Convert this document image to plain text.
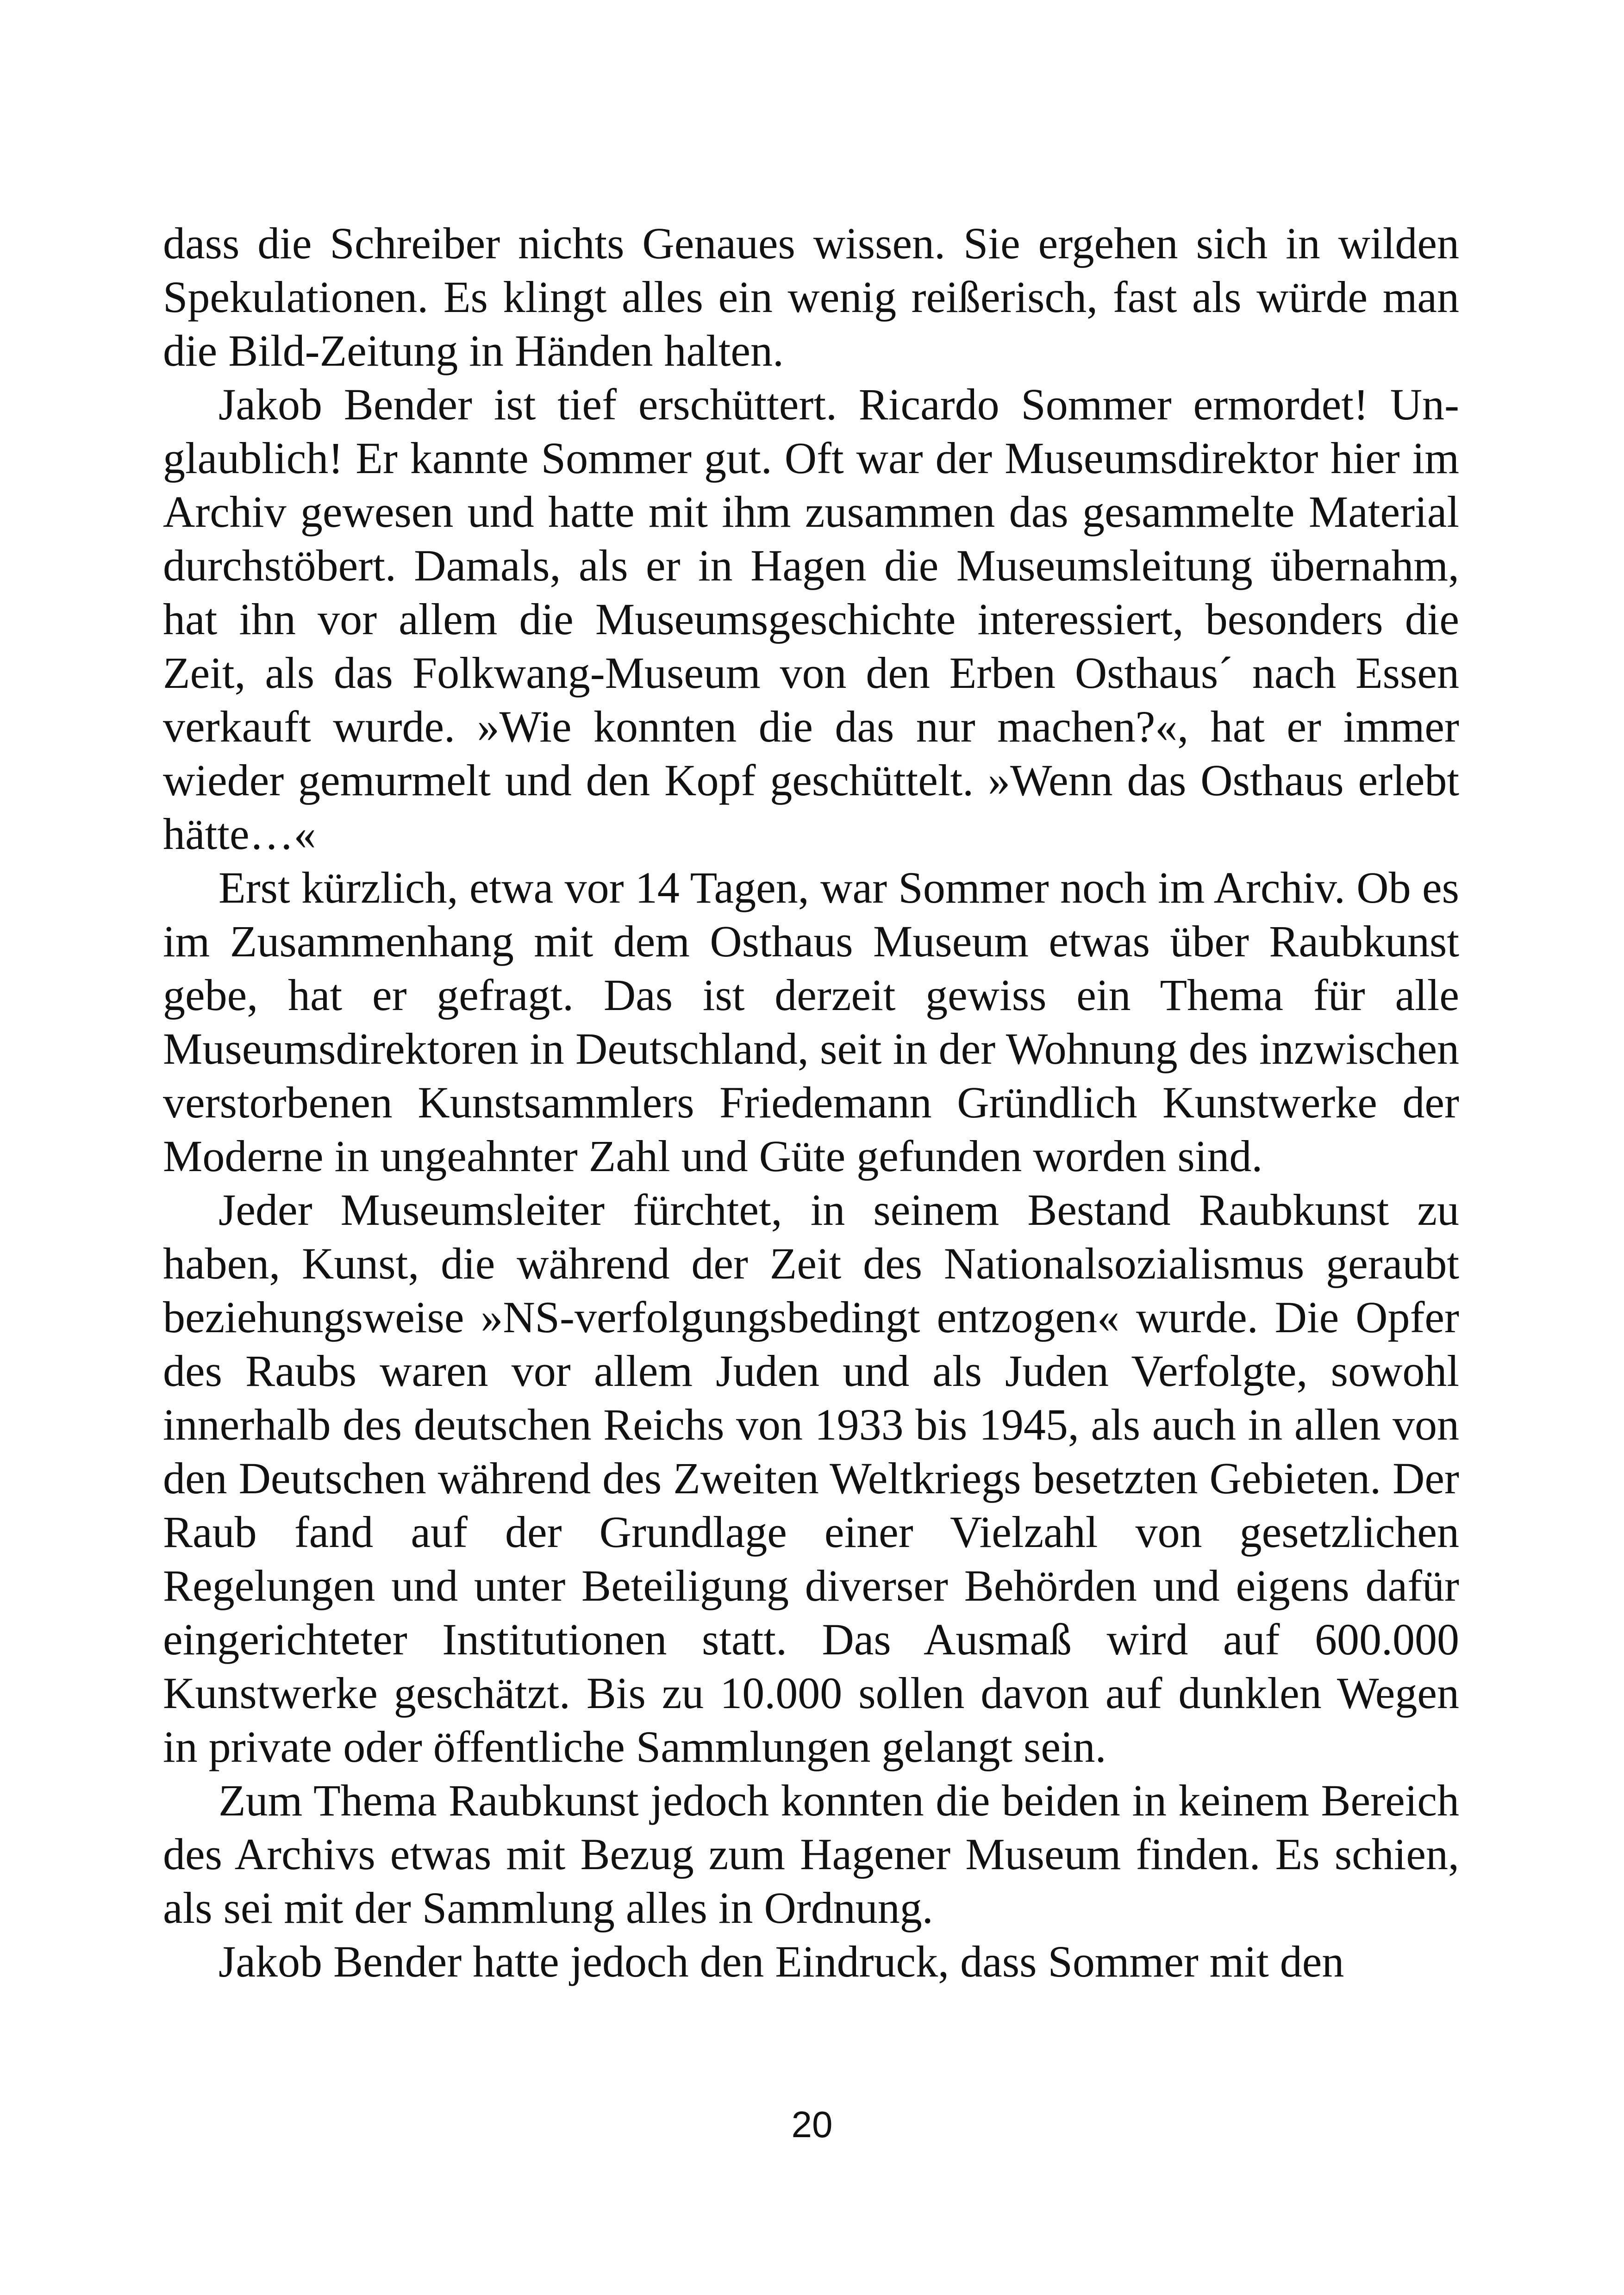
dass die Schreiber nichts Genaues wissen. Sie ergehen sich in wilden Spekulationen. Es klingt alles ein wenig reißerisch, fast als würde man die Bild-Zeitung in Händen halten.

Jakob Bender ist tief erschüttert. Ricardo Sommer ermordet! Unglaublich! Er kannte Sommer gut. Oft war der Museumsdirektor hier im Archiv gewesen und hatte mit ihm zusammen das gesammelte Material durchstöbert. Damals, als er in Hagen die Museumsleitung übernahm, hat ihn vor allem die Museumsgeschichte interessiert, besonders die Zeit, als das Folkwang-Museum von den Erben Osthaus´ nach Essen verkauft wurde. »Wie konnten die das nur machen?«, hat er immer wieder gemurmelt und den Kopf geschüttelt. »Wenn das Osthaus erlebt hätte…«

Erst kürzlich, etwa vor 14 Tagen, war Sommer noch im Archiv. Ob es im Zusammenhang mit dem Osthaus Museum etwas über Raubkunst gebe, hat er gefragt. Das ist derzeit gewiss ein Thema für alle Museumsdirektoren in Deutschland, seit in der Wohnung des inzwischen verstorbenen Kunstsammlers Friedemann Gründlich Kunstwerke der Moderne in ungeahnter Zahl und Güte gefunden worden sind.

Jeder Museumsleiter fürchtet, in seinem Bestand Raubkunst zu haben, Kunst, die während der Zeit des Nationalsozialismus geraubt beziehungsweise »NS-verfolgungsbedingt entzogen« wurde. Die Opfer des Raubs waren vor allem Juden und als Juden Verfolgte, sowohl innerhalb des deutschen Reichs von 1933 bis 1945, als auch in allen von den Deutschen während des Zweiten Weltkriegs besetzten Gebieten. Der Raub fand auf der Grundlage einer Vielzahl von gesetzlichen Regelungen und unter Beteiligung diverser Behörden und eigens dafür eingerichteter Institutionen statt. Das Ausmaß wird auf 600.000 Kunstwerke geschätzt. Bis zu 10.000 sollen davon auf dunklen Wegen in private oder öffentliche Sammlungen gelangt sein.

Zum Thema Raubkunst jedoch konnten die beiden in keinem Bereich des Archivs etwas mit Bezug zum Hagener Museum finden. Es schien, als sei mit der Sammlung alles in Ordnung.

Jakob Bender hatte jedoch den Eindruck, dass Sommer mit den

20
